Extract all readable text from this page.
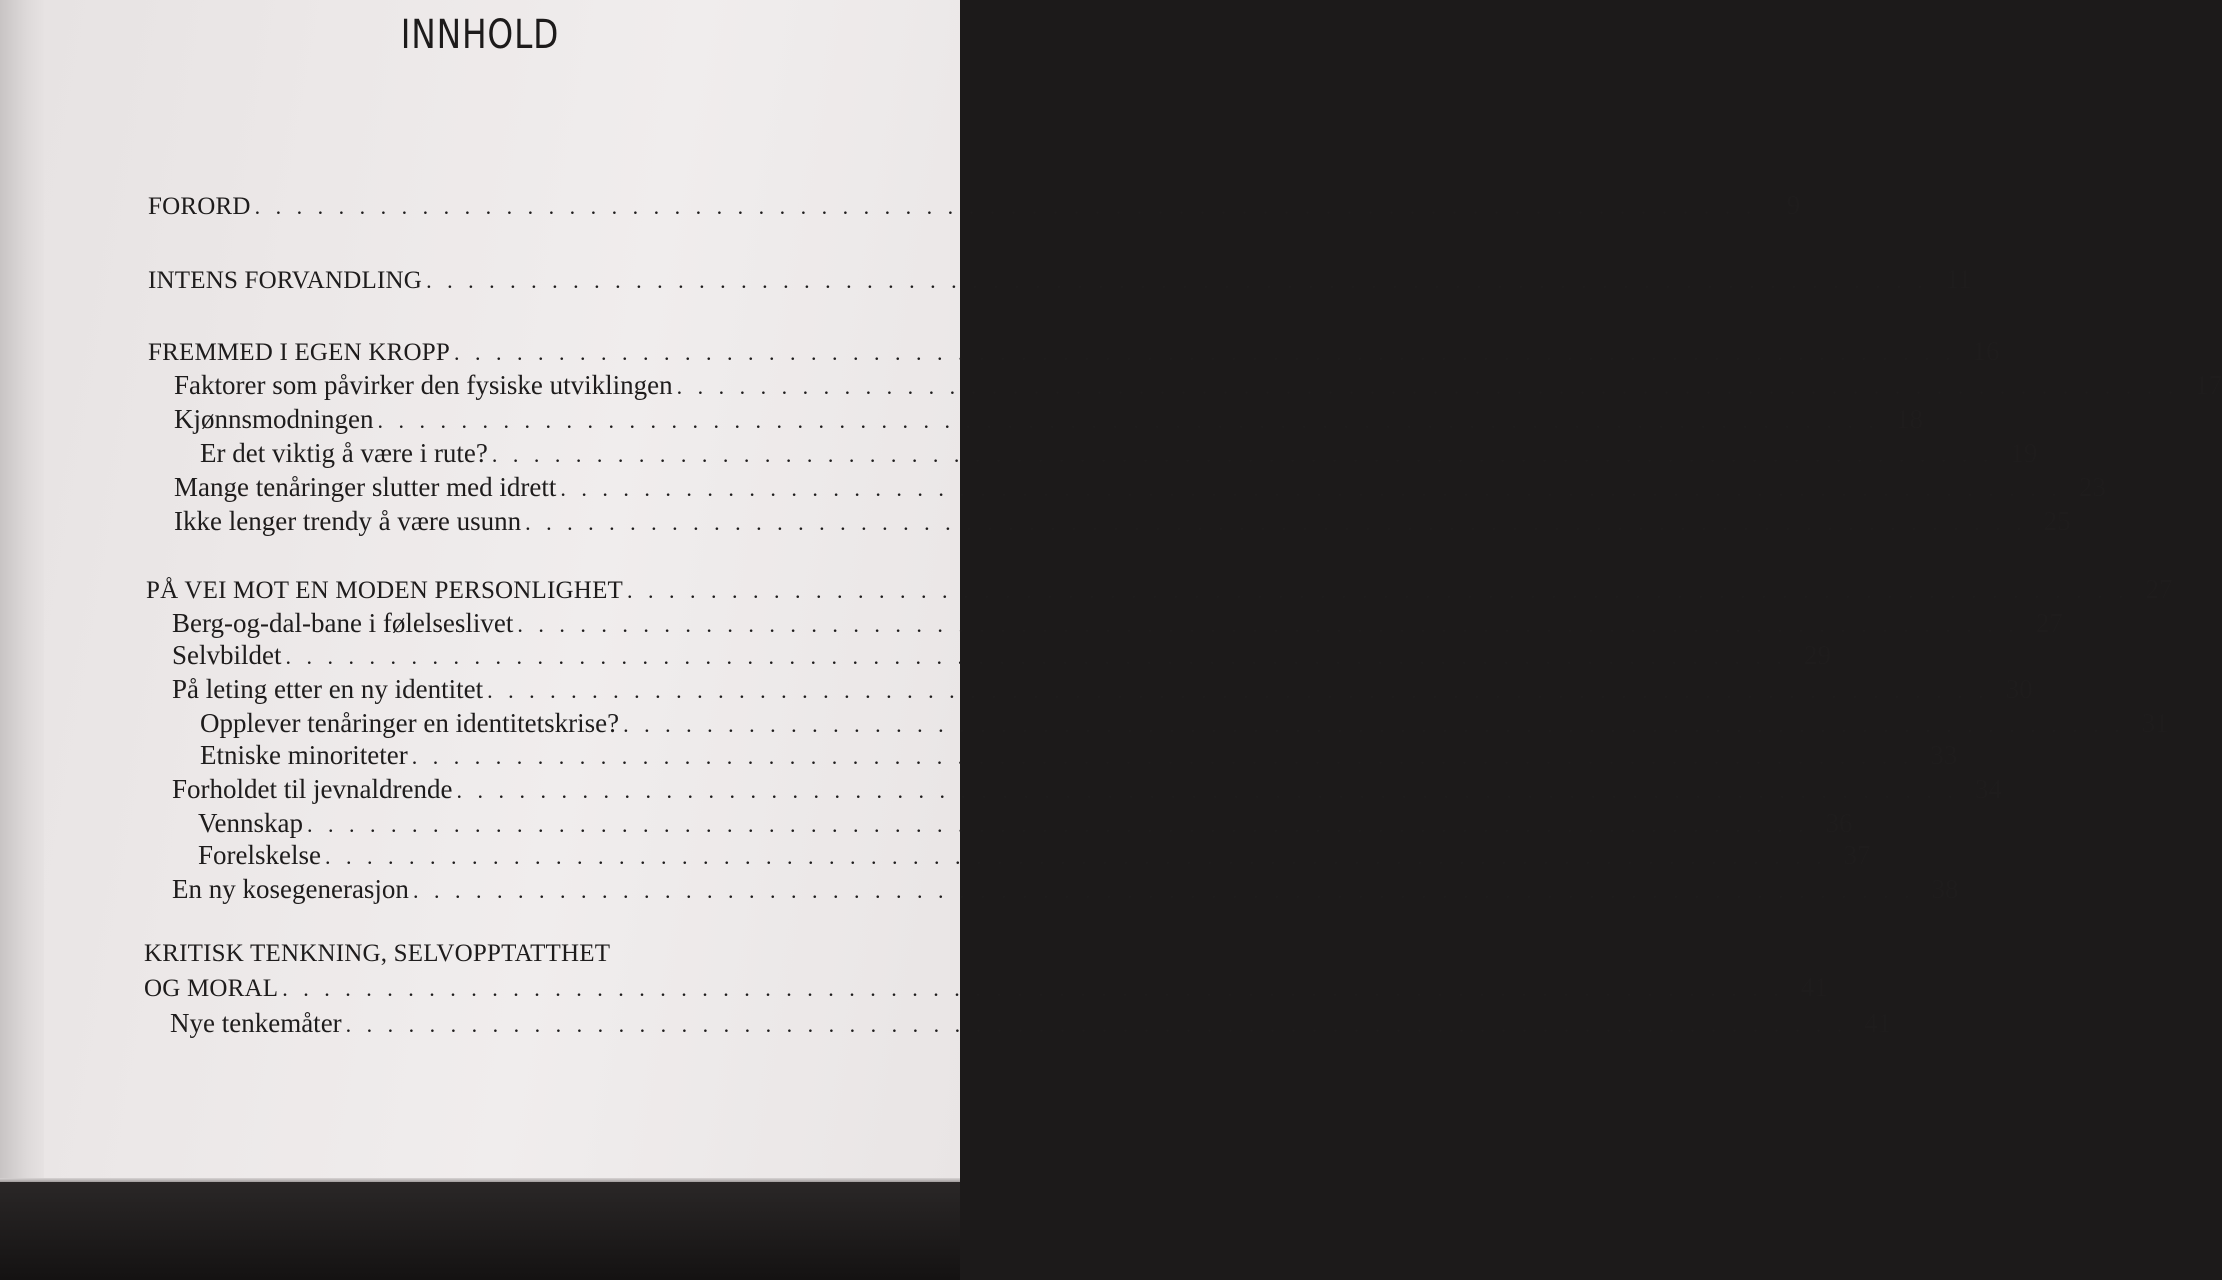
INNHOLD
FORORD . . . . . . . . . . . . . . . . . . . . . . . . . . . . . . . . . . . . . . . . . . . . . . . . . . . . . . . . . . . . . . . . . . . . . . . .	9
INTENS FORVANDLING . . . . . . . . . . . . . . . . . . . . . . . . . . . . . . . . . . . . . . . . . . . . . . . . . . . . . . . . . . . . . . . . . . . . . . . . 11
FREMMED I EGEN KROPP . . . . . . . . . . . . . . . . . . . . . . . . . . . . . . . . . . . . . . . . . . . . . . . . . . . . . . . . . . . . . . . . . . . . . . . . 16
Faktorer som påvirker den fysiske utviklingen . . . . . . . . . . . . . . . . . . . . . . . . . . . . . . . . . . . . . . . . . . . . . . . . . . . . . . . . . . . . . . . . . . . . . . . . 17
Kjønnsmodningen . . . . . . . . . . . . . . . . . . . . . . . . . . . . . . . . . . . . . . . . . . . . . . . . . . . . . . . . . . . . . . . . . . . . . . . . 18
Er det viktig å være i rute? . . . . . . . . . . . . . . . . . . . . . . . . . . . . . . . . . . . . . . . . . . . . . . . . . . . . . . . . . . . . . . . . . . . . . . . . 19
Mange tenåringer slutter med idrett . . . . . . . . . . . . . . . . . . . . . . . . . . . . . . . . . . . . . . . . . . . . . . . . . . . . . . . . . . . . . . . . . . . . . . . . 23
Ikke lenger trendy å være usunn . . . . . . . . . . . . . . . . . . . . . . . . . . . . . . . . . . . . . . . . . . . . . . . . . . . . . . . . . . . . . . . . . . . . . . . . 25
PÅ VEI MOT EN MODEN PERSONLIGHET . . . . . . . . . . . . . . . . . . . . . . . . . . . . . . . . . . . . . . . . . . . . . . . . . . . . . . . . . . . . . . . . . . . . . . . . 27
Berg-og-dal-bane i følelseslivet . . . . . . . . . . . . . . . . . . . . . . . . . . . . . . . . . . . . . . . . . . . . . . . . . . . . . . . . . . . . . . . . . . . . . . . . 27
Selvbildet . . . . . . . . . . . . . . . . . . . . . . . . . . . . . . . . . . . . . . . . . . . . . . . . . . . . . . . . . . . . . . . . . . . . . . . . 29
På leting etter en ny identitet . . . . . . . . . . . . . . . . . . . . . . . . . . . . . . . . . . . . . . . . . . . . . . . . . . . . . . . . . . . . . . . . . . . . . . . . 30
Opplever tenåringer en identitetskrise? . . . . . . . . . . . . . . . . . . . . . . . . . . . . . . . . . . . . . . . . . . . . . . . . . . . . . . . . . . . . . . . . . . . . . . . . 31
Etniske minoriteter . . . . . . . . . . . . . . . . . . . . . . . . . . . . . . . . . . . . . . . . . . . . . . . . . . . . . . . . . . . . . . . . . . . . . . . . 33
Forholdet til jevnaldrende . . . . . . . . . . . . . . . . . . . . . . . . . . . . . . . . . . . . . . . . . . . . . . . . . . . . . . . . . . . . . . . . . . . . . . . . 34
Vennskap . . . . . . . . . . . . . . . . . . . . . . . . . . . . . . . . . . . . . . . . . . . . . . . . . . . . . . . . . . . . . . . . . . . . . . . . 36
Forelskelse . . . . . . . . . . . . . . . . . . . . . . . . . . . . . . . . . . . . . . . . . . . . . . . . . . . . . . . . . . . . . . . . . . . . . . . . 37
En ny kosegenerasjon . . . . . . . . . . . . . . . . . . . . . . . . . . . . . . . . . . . . . . . . . . . . . . . . . . . . . . . . . . . . . . . . . . . . . . . . 38
KRITISK TENKNING, SELVOPPTATTHET
OG MORAL . . . . . . . . . . . . . . . . . . . . . . . . . . . . . . . . . . . . . . . . . . . . . . . . . . . . . . . . . . . . . . . . . . . . . . . . 41
Nye tenkemåter . . . . . . . . . . . . . . . . . . . . . . . . . . . . . . . . . . . . . . . . . . . . . . . . . . . . . . . . . . . . . . . . . . . . . . . . 41
